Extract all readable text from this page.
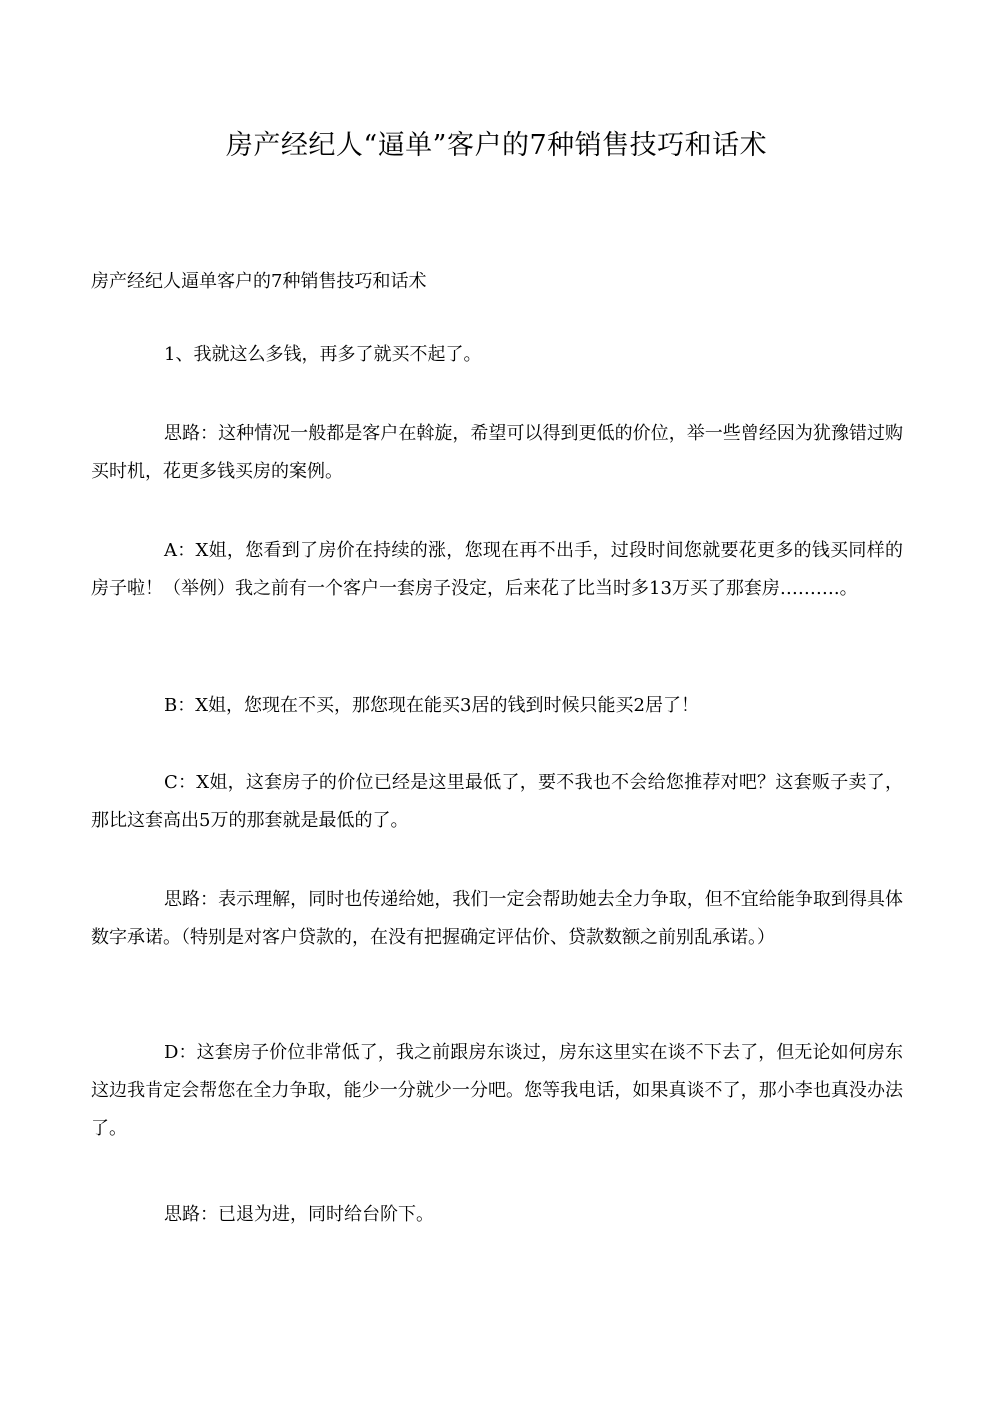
房产经纪人“逼单”客户的7种销售技巧和话术

房产经纪人逼单客户的7种销售技巧和话术

1、我就这么多钱，再多了就买不起了。

思路：这种情况一般都是客户在斡旋，希望可以得到更低的价位，举一些曾经因为犹豫错过购买时机，花更多钱买房的案例。

A：X姐，您看到了房价在持续的涨，您现在再不出手，过段时间您就要花更多的钱买同样的房子啦！（举例）我之前有一个客户一套房子没定，后来花了比当时多13万买了那套房……….。

B：X姐，您现在不买，那您现在能买3居的钱到时候只能买2居了！

C：X姐，这套房子的价位已经是这里最低了，要不我也不会给您推荐对吧？这套贩子卖了，那比这套高出5万的那套就是最低的了。

思路：表示理解，同时也传递给她，我们一定会帮助她去全力争取，但不宜给能争取到得具体数字承诺。（特别是对客户贷款的，在没有把握确定评估价、贷款数额之前别乱承诺。）

D：这套房子价位非常低了，我之前跟房东谈过，房东这里实在谈不下去了，但无论如何房东这边我肯定会帮您在全力争取，能少一分就少一分吧。您等我电话，如果真谈不了，那小李也真没办法了。

思路：已退为进，同时给台阶下。
